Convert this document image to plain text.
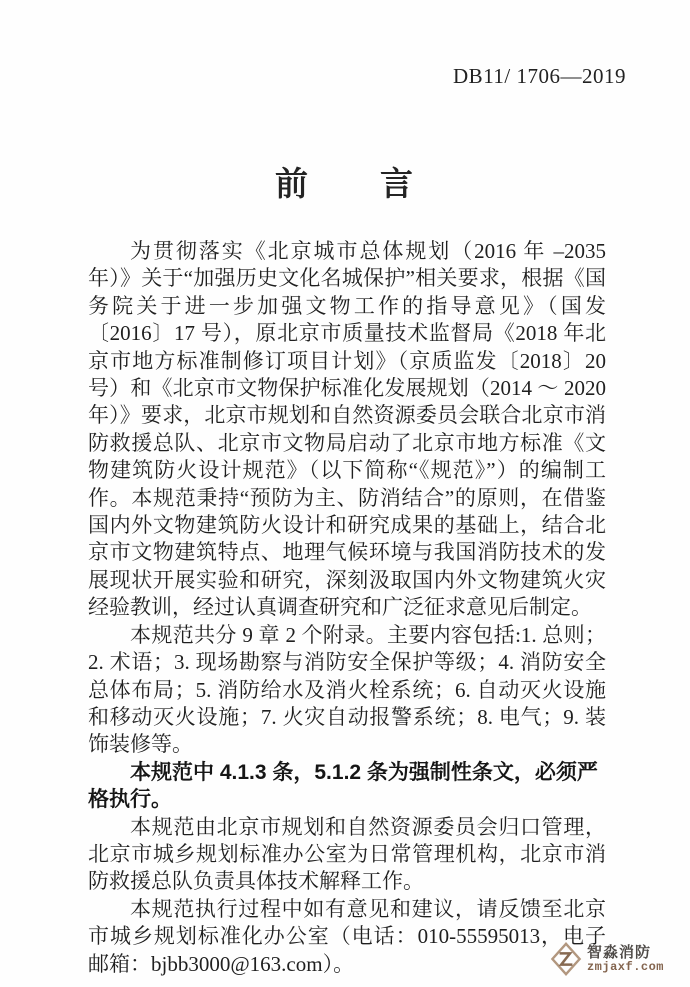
DB11/ 1706—2019
前　　言

为贯彻落实《北京城市总体规划（2016 年 –2035 年）》关于“加强历史文化名城保护”相关要求，根据《国务院关于进一步加强文物工作的指导意见》（国发〔2016〕17 号），原北京市质量技术监督局《2018 年北京市地方标准制修订项目计划》（京质监发〔2018〕20 号）和《北京市文物保护标准化发展规划（2014 ～ 2020 年）》要求，北京市规划和自然资源委员会联合北京市消防救援总队、北京市文物局启动了北京市地方标准《文物建筑防火设计规范》（以下简称“《规范》”）的编制工作。本规范秉持“预防为主、防消结合”的原则，在借鉴国内外文物建筑防火设计和研究成果的基础上，结合北京市文物建筑特点、地理气候环境与我国消防技术的发展现状开展实验和研究，深刻汲取国内外文物建筑火灾经验教训，经过认真调查研究和广泛征求意见后制定。

本规范共分 9 章 2 个附录。主要内容包括:1. 总则；2. 术语；3. 现场勘察与消防安全保护等级；4. 消防安全总体布局；5. 消防给水及消火栓系统；6. 自动灭火设施和移动灭火设施；7. 火灾自动报警系统；8. 电气；9. 装饰装修等。

本规范中 4.1.3 条，5.1.2 条为强制性条文，必须严格执行。

本规范由北京市规划和自然资源委员会归口管理，北京市城乡规划标准办公室为日常管理机构，北京市消防救援总队负责具体技术解释工作。

本规范执行过程中如有意见和建议，请反馈至北京市城乡规划标准化办公室（电话：010-55595013，电子邮箱：bjbb3000@163.com）。	智淼消防
zmjaxf.com
